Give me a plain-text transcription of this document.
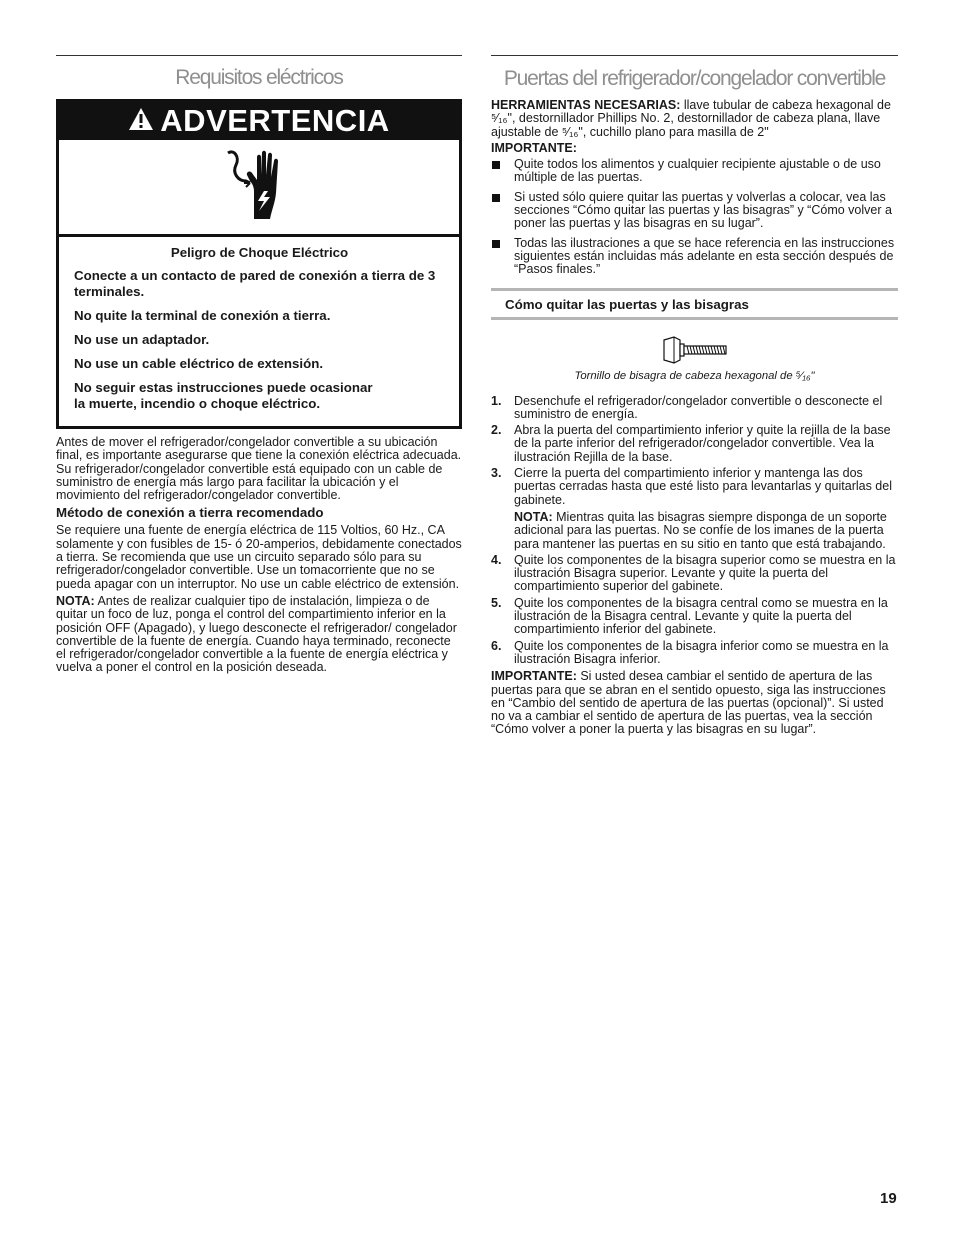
Requisitos eléctricos
ADVERTENCIA

Peligro de Choque Eléctrico

Conecte a un contacto de pared de conexión a tierra de 3 terminales.

No quite la terminal de conexión a tierra.

No use un adaptador.

No use un cable eléctrico de extensión.

No seguir estas instrucciones puede ocasionar la muerte, incendio o choque eléctrico.

Antes de mover el refrigerador/congelador convertible a su ubicación final, es importante asegurarse que tiene la conexión eléctrica adecuada. Su refrigerador/congelador convertible está equipado con un cable de suministro de energía más largo para facilitar la ubicación y el movimiento del refrigerador/congelador convertible.

Método de conexión a tierra recomendado

Se requiere una fuente de energía eléctrica de 115 Voltios, 60 Hz., CA solamente y con fusibles de 15- ó 20-amperios, debidamente conectados a tierra. Se recomienda que use un circuito separado sólo para su refrigerador/congelador convertible. Use un tomacorriente que no se pueda apagar con un interruptor. No use un cable eléctrico de extensión.

NOTA: Antes de realizar cualquier tipo de instalación, limpieza o de quitar un foco de luz, ponga el control del compartimiento inferior en la posición OFF (Apagado), y luego desconecte el refrigerador/ congelador convertible de la fuente de energía. Cuando haya terminado, reconecte el refrigerador/congelador convertible a la fuente de energía eléctrica y vuelva a poner el control en la posición deseada.

Puertas del refrigerador/congelador convertible

HERRAMIENTAS NECESARIAS: llave tubular de cabeza hexagonal de ⁵⁄₁₆", destornillador Phillips No. 2, destornillador de cabeza plana, llave ajustable de ⁵⁄₁₆", cuchillo plano para masilla de 2"

IMPORTANTE:

Quite todos los alimentos y cualquier recipiente ajustable o de uso múltiple de las puertas.
Si usted sólo quiere quitar las puertas y volverlas a colocar, vea las secciones “Cómo quitar las puertas y las bisagras” y “Cómo volver a poner las puertas y las bisagras en su lugar”.
Todas las ilustraciones a que se hace referencia en las instrucciones siguientes están incluidas más adelante en esta sección después de “Pasos finales.”
Cómo quitar las puertas y las bisagras

Tornillo de bisagra de cabeza hexagonal de ⁵⁄₁₆"

1. Desenchufe el refrigerador/congelador convertible o desconecte el suministro de energía.
2. Abra la puerta del compartimiento inferior y quite la rejilla de la base de la parte inferior del refrigerador/congelador convertible. Vea la ilustración Rejilla de la base.
3. Cierre la puerta del compartimiento inferior y mantenga las dos puertas cerradas hasta que esté listo para levantarlas y quitarlas del gabinete.
NOTA: Mientras quita las bisagras siempre disponga de un soporte adicional para las puertas. No se confíe de los imanes de la puerta para mantener las puertas en su sitio en tanto que está trabajando.
4. Quite los componentes de la bisagra superior como se muestra en la ilustración Bisagra superior. Levante y quite la puerta del compartimiento superior del gabinete.
5. Quite los componentes de la bisagra central como se muestra en la ilustración de la Bisagra central. Levante y quite la puerta del compartimiento inferior del gabinete.
6. Quite los componentes de la bisagra inferior como se muestra en la ilustración Bisagra inferior.

IMPORTANTE: Si usted desea cambiar el sentido de apertura de las puertas para que se abran en el sentido opuesto, siga las instrucciones en “Cambio del sentido de apertura de las puertas (opcional)”. Si usted no va a cambiar el sentido de apertura de las puertas, vea la sección “Cómo volver a poner la puerta y las bisagras en su lugar”.

19
